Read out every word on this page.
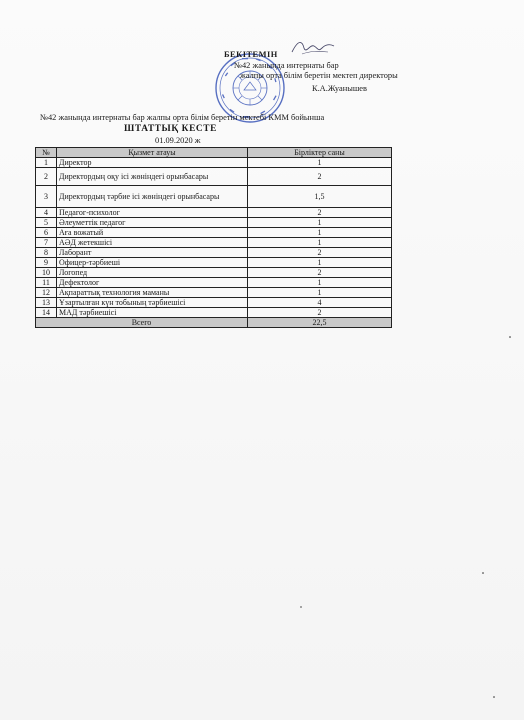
БЕКІТЕМІН
№42 жанында интернаты бар
жалпы орта білім беретін мектеп директоры
К.А.Жуанышев
№42 жанында интернаты бар жалпы орта білім беретін мектебі КММ бойынша
ШТАТТЫҚ КЕСТЕ
01.09.2020 ж
№	Қызмет атауы	Бірліктер саны
1	Директор	1
2	Директордың оқу ісі жөніндегі орынбасары	2
3	Директордың тәрбие ісі жөніндегі орынбасары	1,5
4	Педагог-психолог	2
5	Әлеуметтік педагог	1
6	Аға вожатый	1
7	АӘД жетекшісі	1
8	Лаборант	2
9	Офицер-тәрбиеші	1
10	Логопед	2
11	Дефектолог	1
12	Ақпараттық технология маманы	1
13	Ұзартылған күн тобының тәрбиешісі	4
14	МАД тәрбиешісі	2
Всего		22,5
